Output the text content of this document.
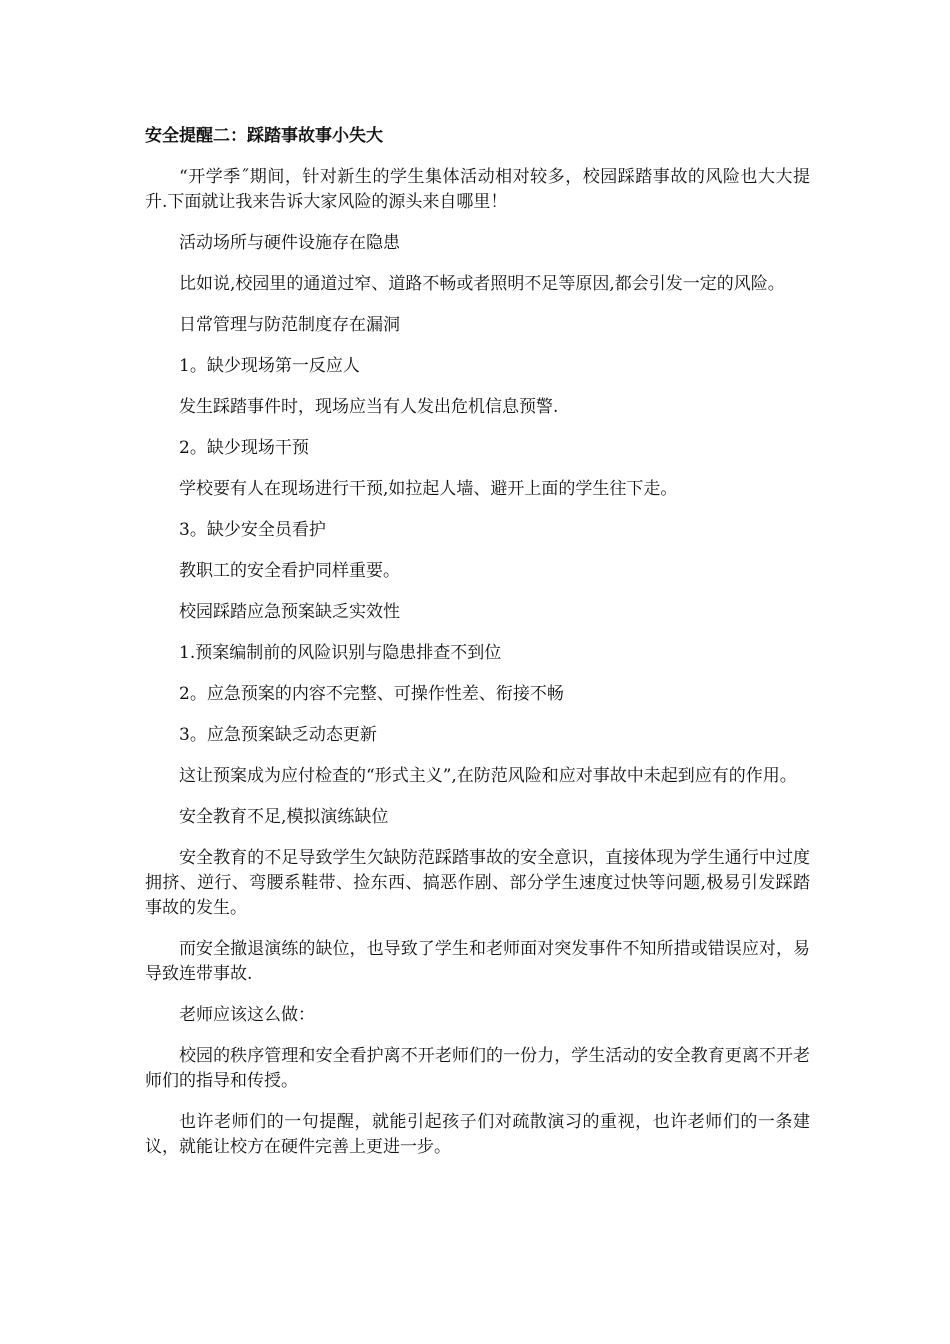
安全提醒二：踩踏事故事小失大

“开学季˝期间，针对新生的学生集体活动相对较多，校园踩踏事故的风险也大大提升.下面就让我来告诉大家风险的源头来自哪里！

活动场所与硬件设施存在隐患

比如说,校园里的通道过窄、道路不畅或者照明不足等原因,都会引发一定的风险。

日常管理与防范制度存在漏洞

1。缺少现场第一反应人

发生踩踏事件时，现场应当有人发出危机信息预警.

2。缺少现场干预

学校要有人在现场进行干预,如拉起人墙、避开上面的学生往下走。

3。缺少安全员看护

教职工的安全看护同样重要。

校园踩踏应急预案缺乏实效性

1.预案编制前的风险识别与隐患排查不到位

2。应急预案的内容不完整、可操作性差、衔接不畅

3。应急预案缺乏动态更新

这让预案成为应付检查的“形式主义”,在防范风险和应对事故中未起到应有的作用。

安全教育不足,模拟演练缺位

安全教育的不足导致学生欠缺防范踩踏事故的安全意识，直接体现为学生通行中过度拥挤、逆行、弯腰系鞋带、捡东西、搞恶作剧、部分学生速度过快等问题,极易引发踩踏事故的发生。

而安全撤退演练的缺位，也导致了学生和老师面对突发事件不知所措或错误应对，易导致连带事故.

老师应该这么做：

校园的秩序管理和安全看护离不开老师们的一份力，学生活动的安全教育更离不开老师们的指导和传授。

也许老师们的一句提醒，就能引起孩子们对疏散演习的重视，也许老师们的一条建议，就能让校方在硬件完善上更进一步。
